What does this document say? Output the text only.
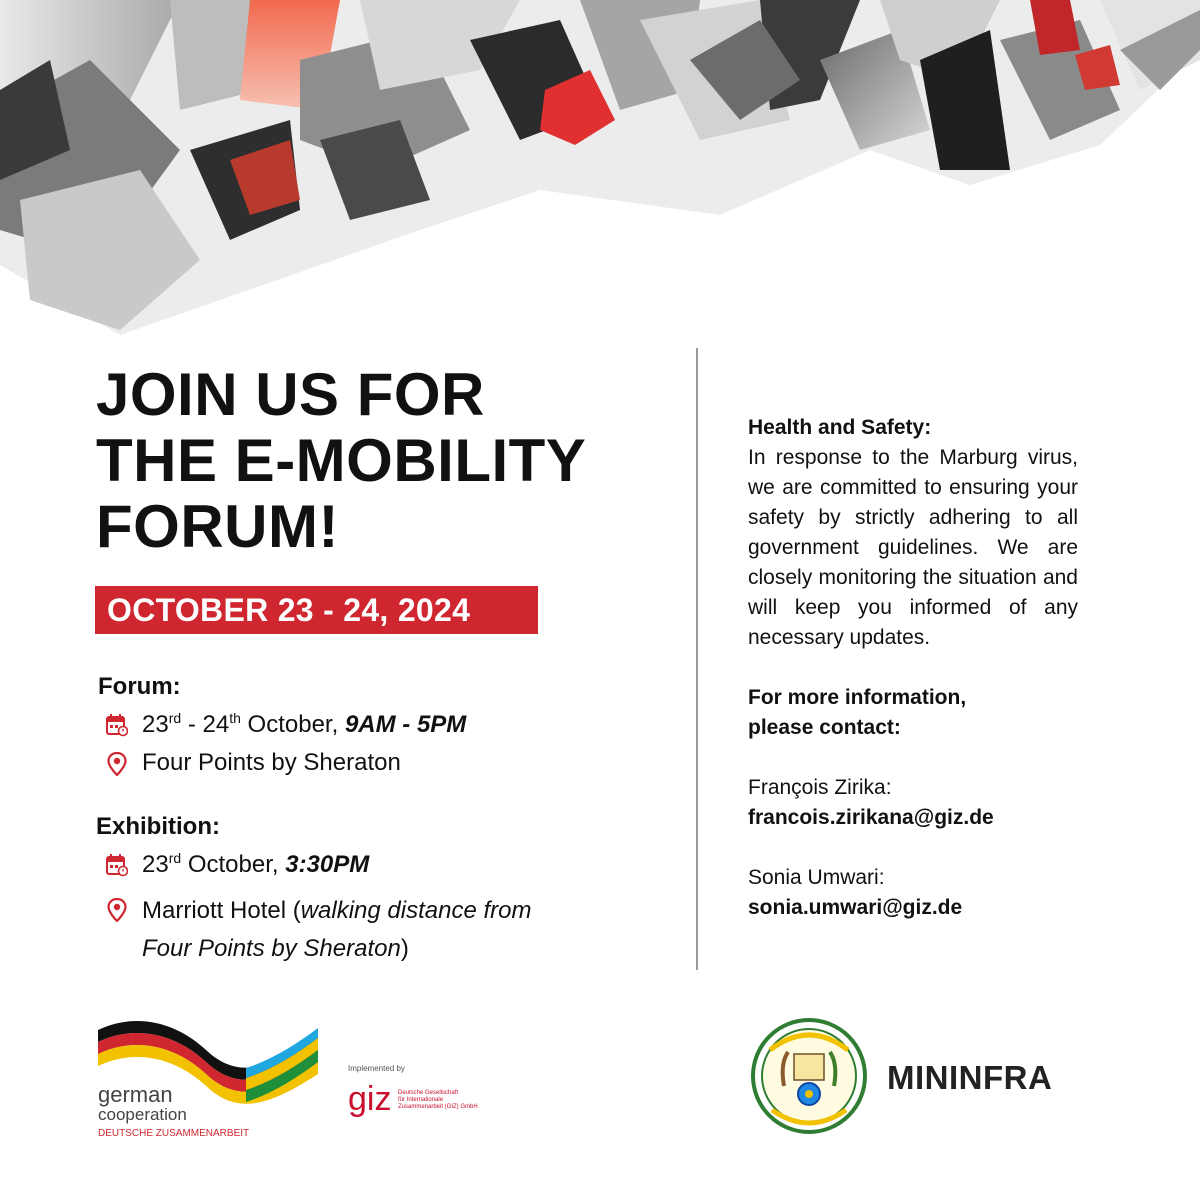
JOIN US FOR
THE E-MOBILITY
FORUM!
OCTOBER 23 - 24, 2024
Forum:
23rd - 24th October, 9AM - 5PM
Four Points by Sheraton
Exhibition:
23rd October, 3:30PM
Marriott Hotel (walking distance from
Four Points by Sheraton)

Health and Safety:

In response to the Marburg virus, we are committed to ensuring your safety by strictly adhering to all government guidelines. We are closely monitoring the situation and will keep you informed of any necessary updates.

For more information,

please contact:

François Zirika:

francois.zirikana@giz.de

Sonia Umwari:

sonia.umwari@giz.de

german
cooperation
DEUTSCHE ZUSAMMENARBEIT
Implemented by
giz Deutsche Gesellschaft
für Internationale
Zusammenarbeit (GIZ) GmbH
MININFRA
